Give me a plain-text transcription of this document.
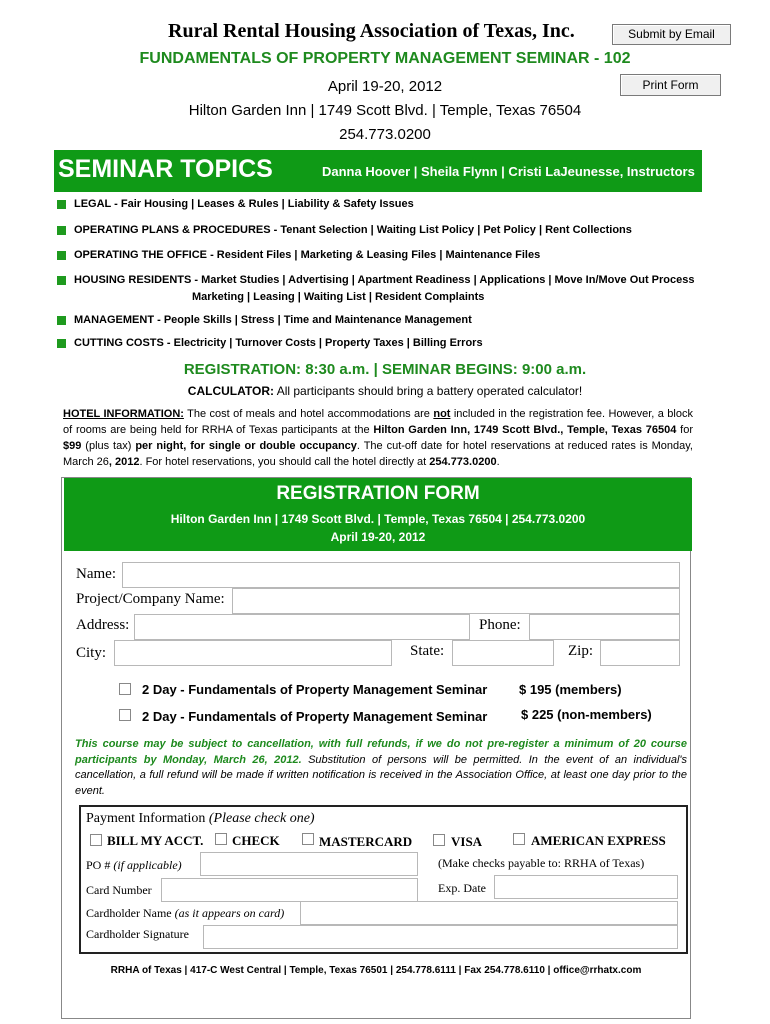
Rural Rental Housing Association of Texas, Inc.	Submit by Email
FUNDAMENTALS OF PROPERTY MANAGEMENT SEMINAR - 102
April 19-20, 2012	Print Form
Hilton Garden Inn | 1749 Scott Blvd. | Temple, Texas 76504
254.773.0200
SEMINAR TOPICS	Danna Hoover | Sheila Flynn | Cristi LaJeunesse, Instructors
LEGAL - Fair Housing | Leases & Rules | Liability & Safety Issues
OPERATING PLANS & PROCEDURES - Tenant Selection | Waiting List Policy | Pet Policy | Rent Collections
OPERATING THE OFFICE - Resident Files | Marketing & Leasing Files | Maintenance Files
HOUSING RESIDENTS - Market Studies | Advertising | Apartment Readiness | Applications | Move In/Move Out Process
Marketing | Leasing | Waiting List | Resident Complaints
MANAGEMENT - People Skills | Stress | Time and Maintenance Management
CUTTING COSTS - Electricity | Turnover Costs | Property Taxes | Billing Errors
REGISTRATION: 8:30 a.m. | SEMINAR BEGINS: 9:00 a.m.
CALCULATOR: All participants should bring a battery operated calculator!
HOTEL INFORMATION: The cost of meals and hotel accommodations are not included in the registration fee. However, a block of rooms are being held for RRHA of Texas participants at the Hilton Garden Inn, 1749 Scott Blvd., Temple, Texas 76504 for $99 (plus tax) per night, for single or double occupancy. The cut-off date for hotel reservations at reduced rates is Monday, March 26, 2012. For hotel reservations, you should call the hotel directly at 254.773.0200.
REGISTRATION FORM
Hilton Garden Inn | 1749 Scott Blvd. | Temple, Texas 76504 | 254.773.0200
April 19-20, 2012
Name:
Project/Company Name:
Address:	Phone:
City:	State:	Zip:
2 Day - Fundamentals of Property Management Seminar $ 195 (members)
2 Day - Fundamentals of Property Management Seminar	$ 225 (non-members)
This course may be subject to cancellation, with full refunds, if we do not pre-register a minimum of 20 course participants by Monday, March 26, 2012. Substitution of persons will be permitted. In the event of an individual's cancellation, a full refund will be made if written notification is received in the Association Office, at least one day prior to the event.
Payment Information (Please check one)
BILL MY ACCT. CHECK	MASTERCARD	VISA	AMERICAN EXPRESS
PO # (if applicable)	(Make checks payable to: RRHA of Texas)
Card Number	Exp. Date
Cardholder Name (as it appears on card)
Cardholder Signature
RRHA of Texas | 417-C West Central | Temple, Texas 76501 | 254.778.6111 | Fax 254.778.6110 | office@rrhatx.com
